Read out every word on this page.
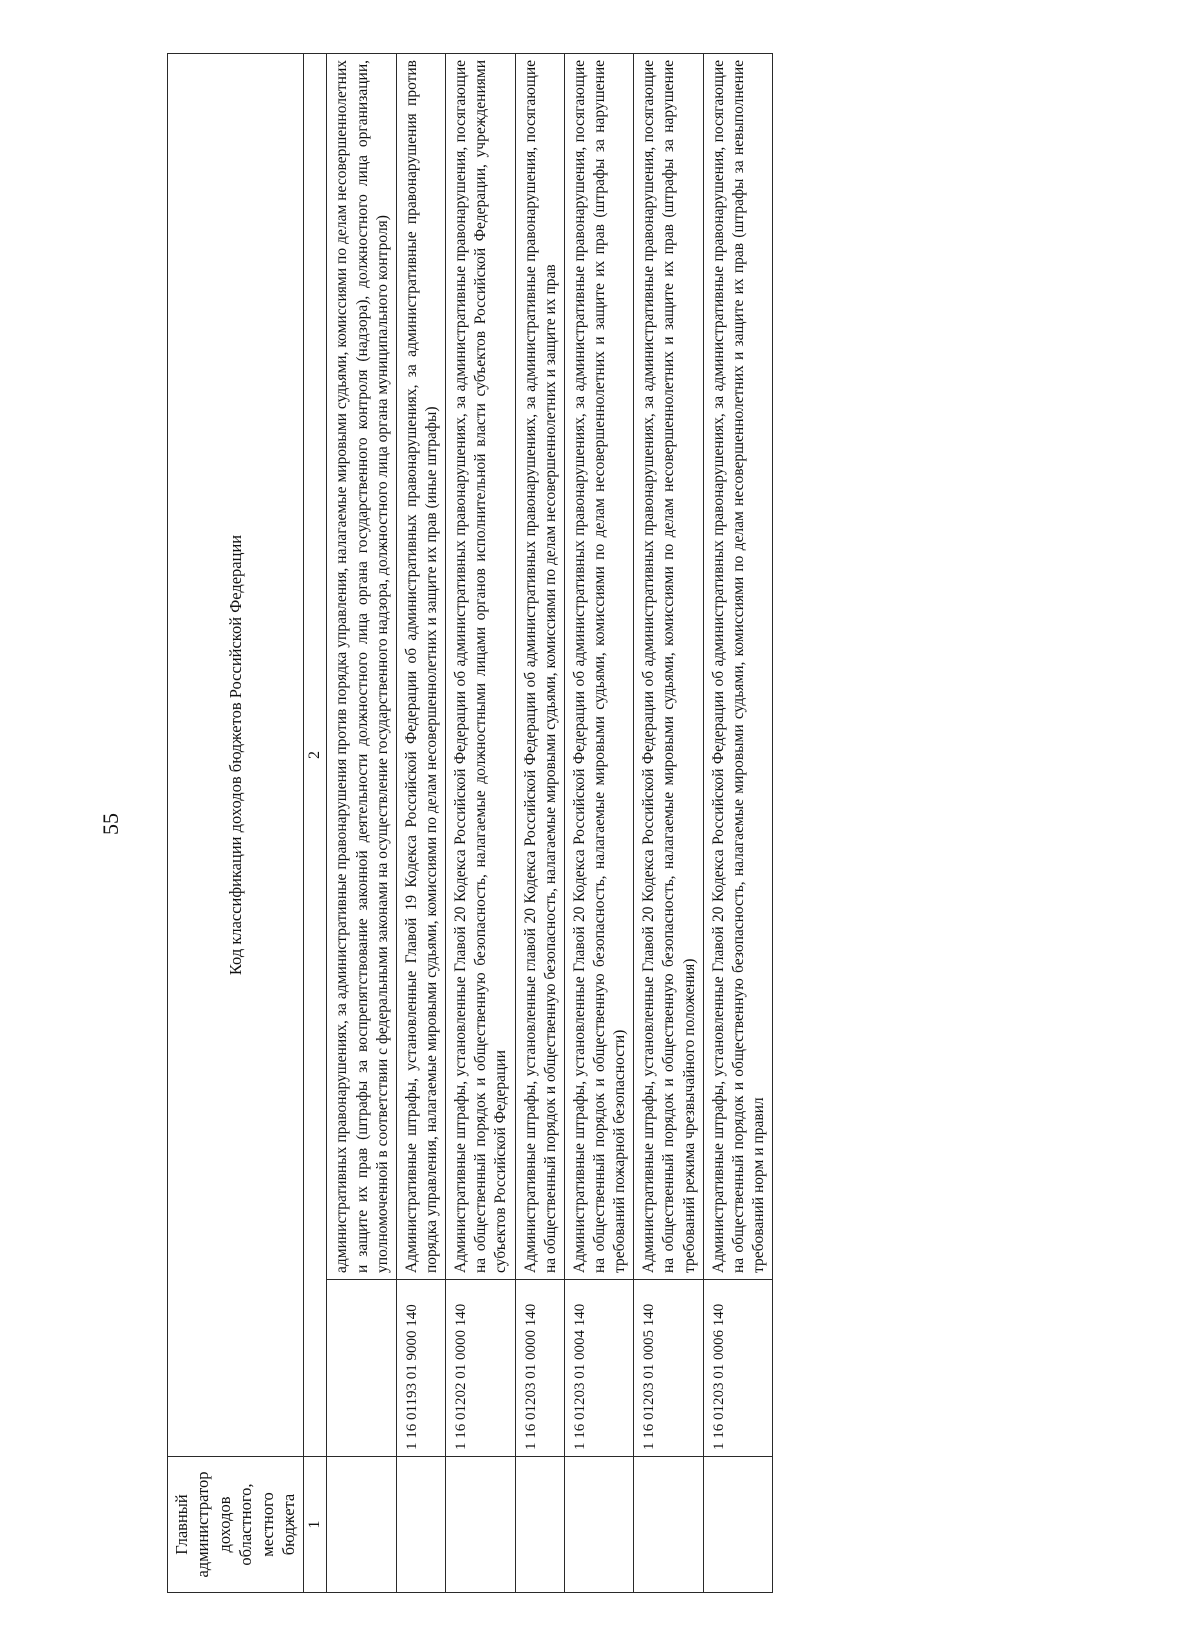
55
Главный администратор доходов областного, местного бюджета	Код классификации доходов бюджетов Российской Федерации	
1	2	
		административных правонарушениях, за административные правонарушения против порядка управления, налагаемые мировыми судьями, комиссиями по делам несовершеннолетних и защите их прав (штрафы за воспрепятствование законной деятельности должностного лица органа государственного контроля (надзора), должностного лица организации, уполномоченной в соответствии с федеральными законами на осуществление государственного надзора, должностного лица органа муниципального контроля)
	1 16 01193 01 9000 140	Административные штрафы, установленные Главой 19 Кодекса Российской Федерации об административных правонарушениях, за административные правонарушения против порядка управления, налагаемые мировыми судьями, комиссиями по делам несовершеннолетних и защите их прав (иные штрафы)
	1 16 01202 01 0000 140	Административные штрафы, установленные Главой 20 Кодекса Российской Федерации об административных правонарушениях, за административные правонарушения, посягающие на общественный порядок и общественную безопасность, налагаемые должностными лицами органов исполнительной власти субъектов Российской Федерации, учреждениями субъектов Российской Федерации
	1 16 01203 01 0000 140	Административные штрафы, установленные главой 20 Кодекса Российской Федерации об административных правонарушениях, за административные правонарушения, посягающие на общественный порядок и общественную безопасность, налагаемые мировыми судьями, комиссиями по делам несовершеннолетних и защите их прав
	1 16 01203 01 0004 140	Административные штрафы, установленные Главой 20 Кодекса Российской Федерации об административных правонарушениях, за административные правонарушения, посягающие на общественный порядок и общественную безопасность, налагаемые мировыми судьями, комиссиями по делам несовершеннолетних и защите их прав (штрафы за нарушение требований пожарной безопасности)
	1 16 01203 01 0005 140	Административные штрафы, установленные Главой 20 Кодекса Российской Федерации об административных правонарушениях, за административные правонарушения, посягающие на общественный порядок и общественную безопасность, налагаемые мировыми судьями, комиссиями по делам несовершеннолетних и защите их прав (штрафы за нарушение требований режима чрезвычайного положения)
	1 16 01203 01 0006 140	Административные штрафы, установленные Главой 20 Кодекса Российской Федерации об административных правонарушениях, за административные правонарушения, посягающие на общественный порядок и общественную безопасность, налагаемые мировыми судьями, комиссиями по делам несовершеннолетних и защите их прав (штрафы за невыполнение требований норм и правил
